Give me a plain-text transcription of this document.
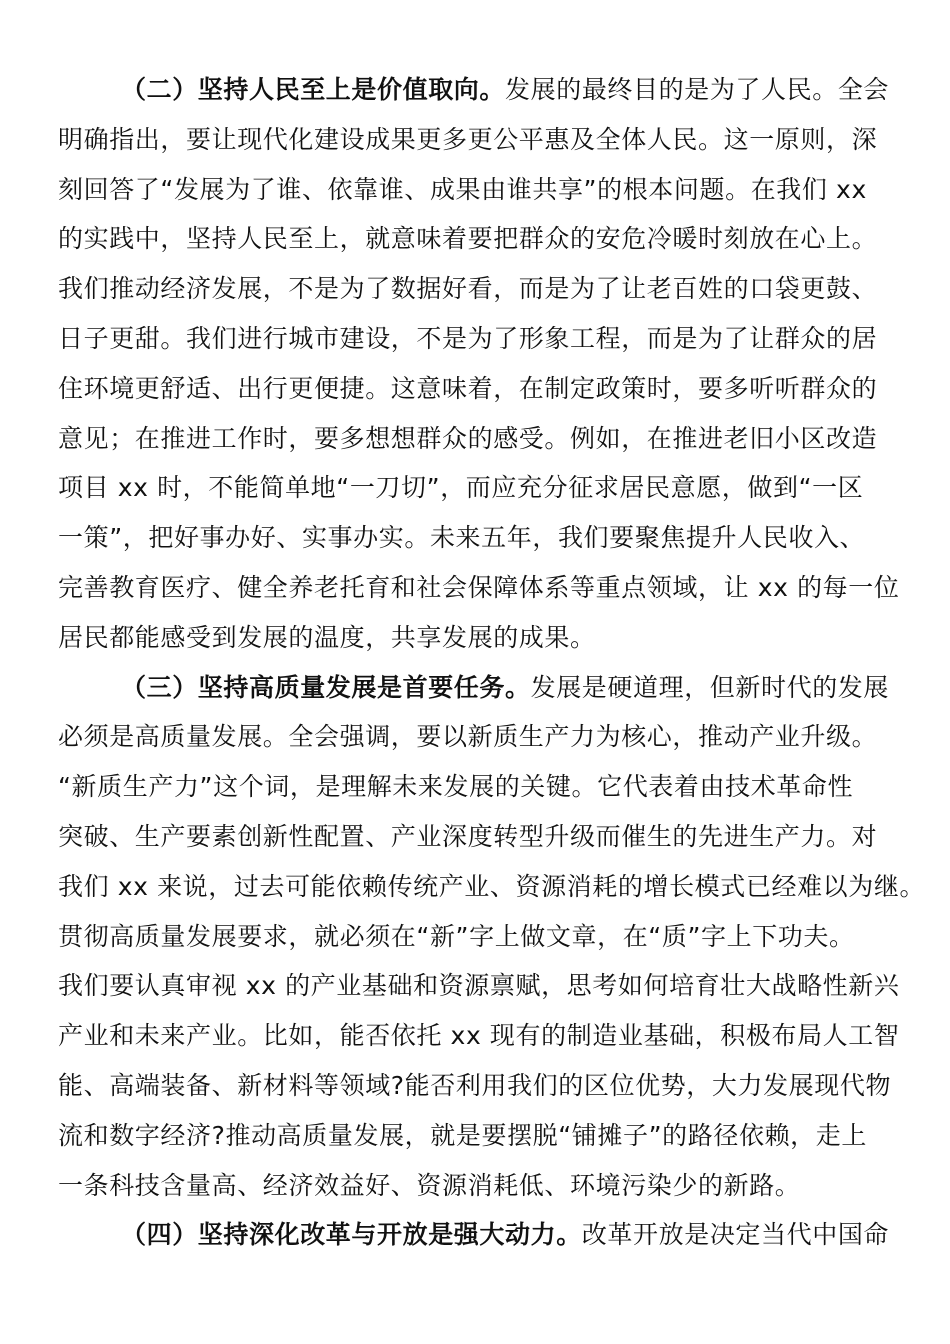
（二）坚持人民至上是价值取向。发展的最终目的是为了人民。全会
明确指出，要让现代化建设成果更多更公平惠及全体人民。这一原则，深
刻回答了“发展为了谁、依靠谁、成果由谁共享”的根本问题。在我们 xx
的实践中，坚持人民至上，就意味着要把群众的安危冷暖时刻放在心上。
我们推动经济发展，不是为了数据好看，而是为了让老百姓的口袋更鼓、
日子更甜。我们进行城市建设，不是为了形象工程，而是为了让群众的居
住环境更舒适、出行更便捷。这意味着，在制定政策时，要多听听群众的
意见；在推进工作时，要多想想群众的感受。例如，在推进老旧小区改造
项目 xx 时，不能简单地“一刀切”，而应充分征求居民意愿，做到“一区
一策”，把好事办好、实事办实。未来五年，我们要聚焦提升人民收入、
完善教育医疗、健全养老托育和社会保障体系等重点领域，让 xx 的每一位
居民都能感受到发展的温度，共享发展的成果。
（三）坚持高质量发展是首要任务。发展是硬道理，但新时代的发展
必须是高质量发展。全会强调，要以新质生产力为核心，推动产业升级。
“新质生产力”这个词，是理解未来发展的关键。它代表着由技术革命性
突破、生产要素创新性配置、产业深度转型升级而催生的先进生产力。对
我们 xx 来说，过去可能依赖传统产业、资源消耗的增长模式已经难以为继。
贯彻高质量发展要求，就必须在“新”字上做文章，在“质”字上下功夫。
我们要认真审视 xx 的产业基础和资源禀赋，思考如何培育壮大战略性新兴
产业和未来产业。比如，能否依托 xx 现有的制造业基础，积极布局人工智
能、高端装备、新材料等领域?能否利用我们的区位优势，大力发展现代物
流和数字经济?推动高质量发展，就是要摆脱“铺摊子”的路径依赖，走上
一条科技含量高、经济效益好、资源消耗低、环境污染少的新路。
（四）坚持深化改革与开放是强大动力。改革开放是决定当代中国命
